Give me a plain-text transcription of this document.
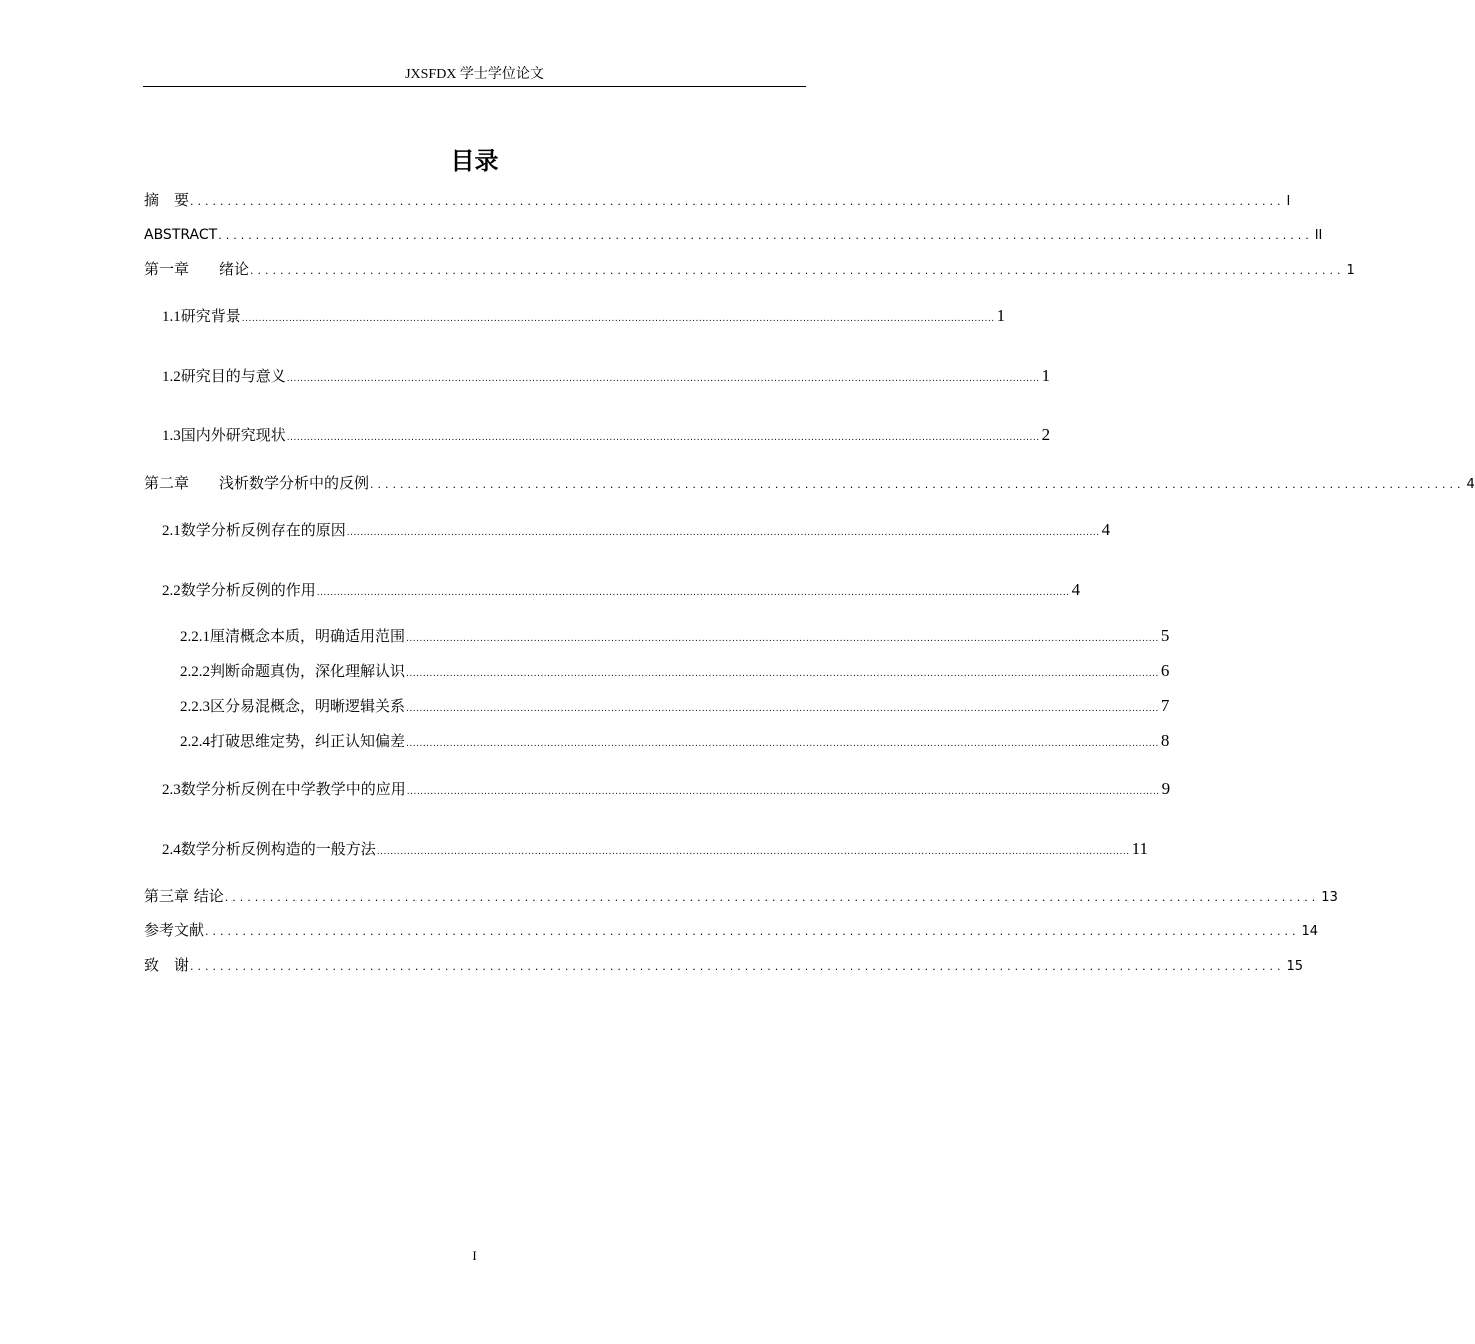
JXSFDX 学士学位论文
目录
摘　要 .................................................................................................................................................. I
ABSTRACT .................................................................................................................................................. II
第一章　　绪论 .................................................................................................................................................. 1
1.1 研究背景 ................................................................................................................................................................................................................................ 1
1.2 研究目的与意义 ................................................................................................................................................................................................................................ 1
1.3 国内外研究现状 ................................................................................................................................................................................................................................ 2
第二章　　浅析数学分析中的反例 .................................................................................................................................................. 4
2.1 数学分析反例存在的原因 ................................................................................................................................................................................................................................ 4
2.2 数学分析反例的作用 ................................................................................................................................................................................................................................ 4
2.2.1 厘清概念本质，明确适用范围 ................................................................................................................................................................................................................................ 5
2.2.2 判断命题真伪，深化理解认识 ................................................................................................................................................................................................................................ 6
2.2.3 区分易混概念，明晰逻辑关系 ................................................................................................................................................................................................................................ 7
2.2.4 打破思维定势，纠正认知偏差 ................................................................................................................................................................................................................................ 8
2.3 数学分析反例在中学教学中的应用 ................................................................................................................................................................................................................................ 9
2.4 数学分析反例构造的一般方法 ................................................................................................................................................................................................................................ 11
第三章 结论 .................................................................................................................................................. 13
参考文献 .................................................................................................................................................. 14
致　谢 .................................................................................................................................................. 15
I
